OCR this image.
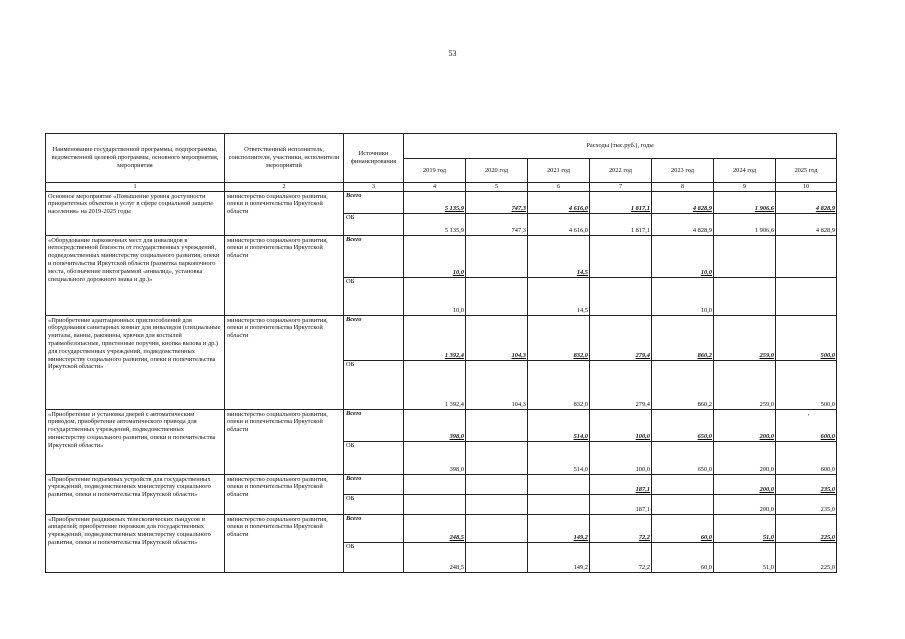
53
Наименование государственной программы, подпрограммы, ведомственной целевой программы, основного мероприятия, мероприятия	Ответственный исполнитель, соисполнители, участники, исполнители мероприятий	Источники финансирования	Расходы (тыс.руб.), годы						
			2019 год	2020 год	2021 год	2022 год	2023 год	2024 год	2025 год
1	2	3	4	5	6	7	8	9	10
Основное мероприятие «Повышение уровня доступности приоритетных объектов и услуг в сфере социальной защиты населения» на 2019-2025 годы	министерство социального развития, опеки и попечительства Иркутской области	Всего	5 135,9	747,3	4 616,0	1 817,1	4 828,9	1 906,6	4 828,9
		ОБ	5 135,9	747,3	4 616,0	1 817,1	4 828,9	1 906,6	4 828,9
«Оборудование парковочных мест для инвалидов в непосредственной близости от государственных учреждений, подведомственных министерству социального развития, опеки и попечительства Иркутской области (разметка парковочного места, обозначение пиктограммой «инвалид», установка специального дорожного знака и др.)»	министерство социального развития, опеки и попечительства Иркутской области	Всего	10,0		14,5		10,0		
		ОБ	10,0		14,5		10,0		
«Приобретение адаптационных приспособлений для оборудования санитарных комнат для инвалидов (специальные унитазы, ванны, раковины, крючки для костылей травмобезопасные, пристенные поручни, кнопка вызова и др.) для государственных учреждений, подведомственных министерству социального развития, опеки и попечительства Иркутской области»	министерство социального развития, опеки и попечительства Иркутской области	Всего	1 392,4	104,3	832,0	279,4	860,2	259,0	500,0
		ОБ	1 392,4	104,3	832,0	279,4	860,2	259,0	500,0
«Приобретение и установка дверей с автоматическим приводом, приобретение автоматического привода для государственных учреждений, подведомственных министерству социального развития, опеки и попечительства Иркутской области»	министерство социального развития, опеки и попечительства Иркутской области	Всего	398,0		514,0	100,0	650,0	200,0	600,0
		ОБ	398,0		514,0	100,0	650,0	200,0	600,0
«Приобретение подъемных устройств для государственных учреждений, подведомственных министерству социального развития, опеки и попечительства Иркутской области»	министерство социального развития, опеки и попечительства Иркутской области	Всего				187,1		200,0	235,0
		ОБ				187,1		200,0	235,0
«Приобретение раздвижных телескопических пандусов и аппарелей; приобретение порожков для государственных учреждений, подведомственных министерству социального развития, опеки и попечительства Иркутской области»	министерство социального развития, опеки и попечительства Иркутской области	Всего	248,5		149,2	72,2	60,0	51,0	225,0
		ОБ	248,5		149,2	72,2	60,0	51,0	225,0
'
